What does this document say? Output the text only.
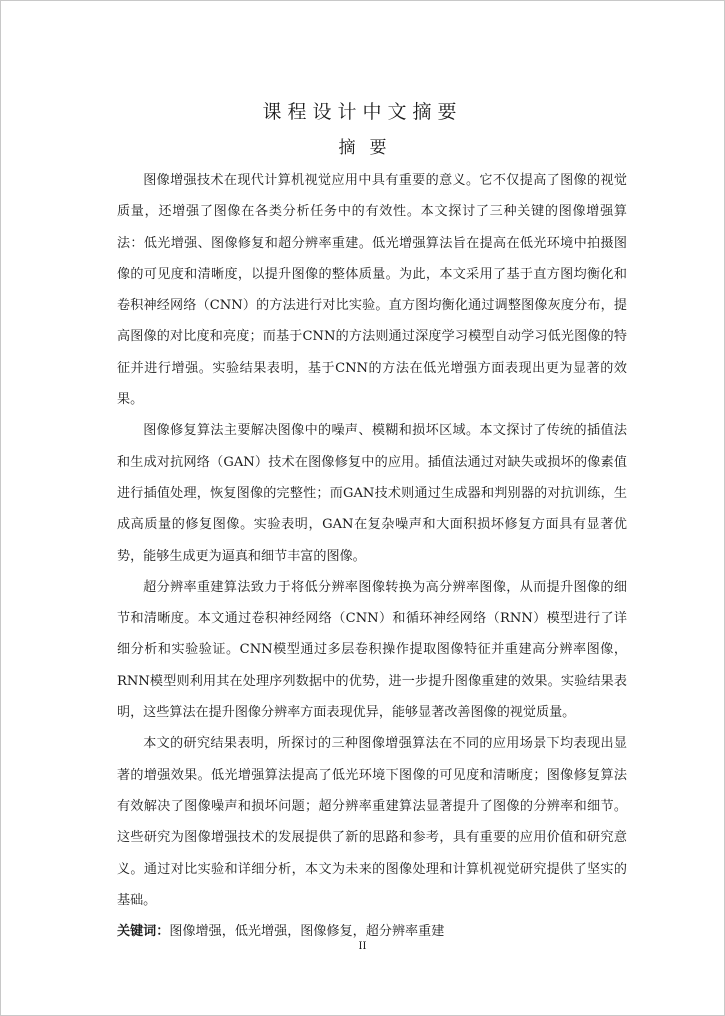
课程设计中文摘要
摘要

图像增强技术在现代计算机视觉应用中具有重要的意义。它不仅提高了图像的视觉质量，还增强了图像在各类分析任务中的有效性。本文探讨了三种关键的图像增强算法：低光增强、图像修复和超分辨率重建。低光增强算法旨在提高在低光环境中拍摄图像的可见度和清晰度，以提升图像的整体质量。为此，本文采用了基于直方图均衡化和卷积神经网络（CNN）的方法进行对比实验。直方图均衡化通过调整图像灰度分布，提高图像的对比度和亮度；而基于CNN的方法则通过深度学习模型自动学习低光图像的特征并进行增强。实验结果表明，基于CNN的方法在低光增强方面表现出更为显著的效果。

图像修复算法主要解决图像中的噪声、模糊和损坏区域。本文探讨了传统的插值法和生成对抗网络（GAN）技术在图像修复中的应用。插值法通过对缺失或损坏的像素值进行插值处理，恢复图像的完整性；而GAN技术则通过生成器和判别器的对抗训练，生成高质量的修复图像。实验表明，GAN在复杂噪声和大面积损坏修复方面具有显著优势，能够生成更为逼真和细节丰富的图像。

超分辨率重建算法致力于将低分辨率图像转换为高分辨率图像，从而提升图像的细节和清晰度。本文通过卷积神经网络（CNN）和循环神经网络（RNN）模型进行了详细分析和实验验证。CNN模型通过多层卷积操作提取图像特征并重建高分辨率图像，RNN模型则利用其在处理序列数据中的优势，进一步提升图像重建的效果。实验结果表明，这些算法在提升图像分辨率方面表现优异，能够显著改善图像的视觉质量。

本文的研究结果表明，所探讨的三种图像增强算法在不同的应用场景下均表现出显著的增强效果。低光增强算法提高了低光环境下图像的可见度和清晰度；图像修复算法有效解决了图像噪声和损坏问题；超分辨率重建算法显著提升了图像的分辨率和细节。这些研究为图像增强技术的发展提供了新的思路和参考，具有重要的应用价值和研究意义。通过对比实验和详细分析，本文为未来的图像处理和计算机视觉研究提供了坚实的基础。

关键词：图像增强，低光增强，图像修复，超分辨率重建
II
